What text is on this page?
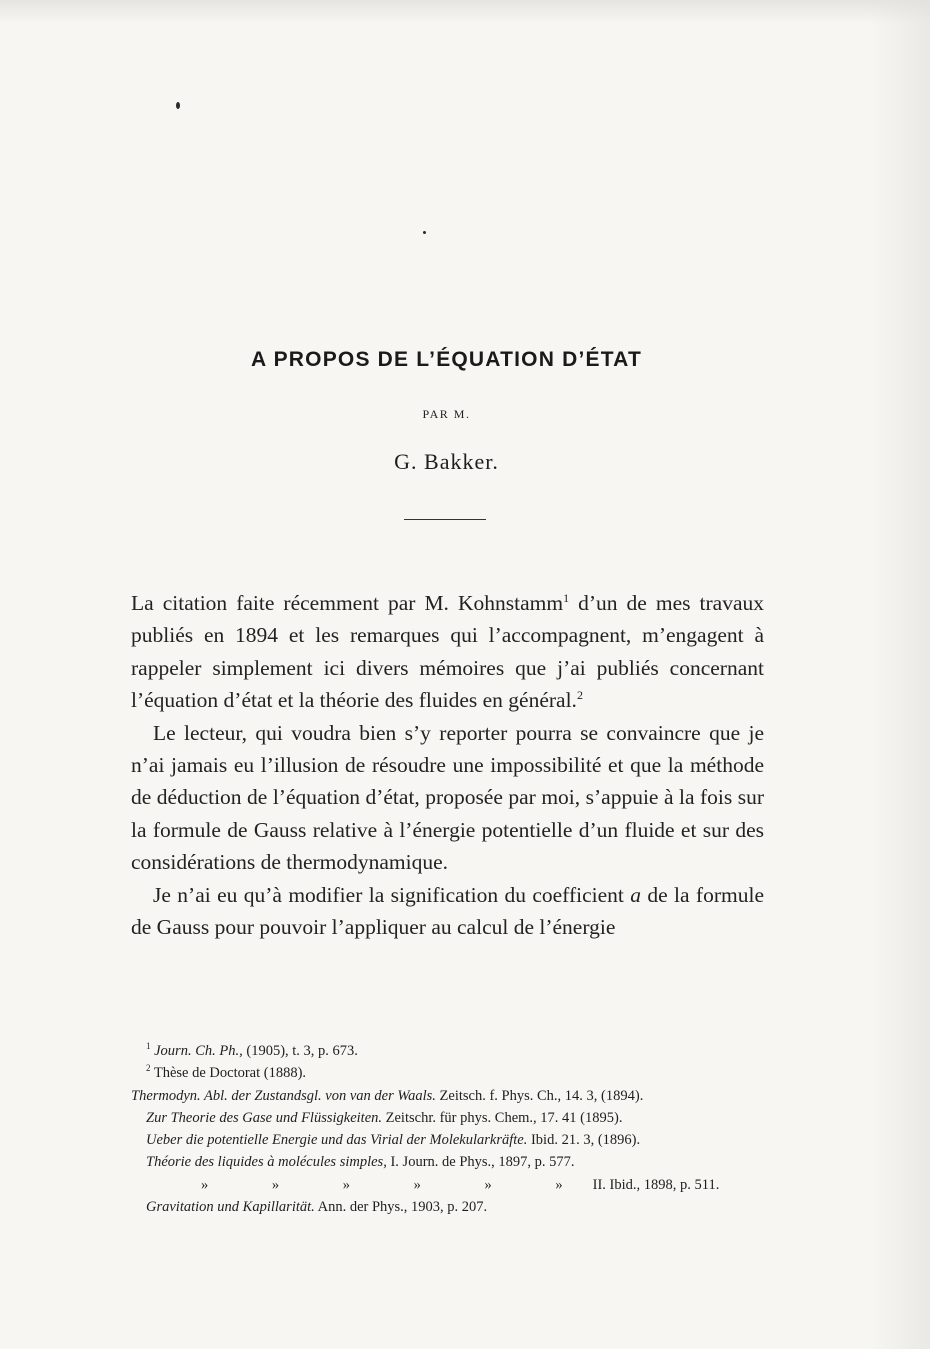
A PROPOS DE L’ÉQUATION D’ÉTAT
PAR M.
G. Bakker.

La citation faite récemment par M. Kohnstamm$^1$ d’un de mes travaux publiés en 1894 et les remarques qui l’accompagnent, m’engagent à rappeler simplement ici divers mémoires que j’ai publiés concernant l’équation d’état et la théorie des fluides en général.$^2$

Le lecteur, qui voudra bien s’y reporter pourra se convaincre que je n’ai jamais eu l’illusion de résoudre une impossibilité et que la méthode de déduction de l’équation d’état, proposée par moi, s’appuie à la fois sur la formule de Gauss relative à l’énergie potentielle d’un fluide et sur des considérations de thermodynamique.

Je n’ai eu qu’à modifier la signification du coefficient a de la formule de Gauss pour pouvoir l’appliquer au calcul de l’énergie

$^1$ Journ. Ch. Ph., (1905), t. 3, p. 673.

$^2$ Thèse de Doctorat (1888).

Thermodyn. Abl. der Zustandsgl. von van der Waals. Zeitsch. f. Phys. Ch., 14. 3, (1894).

Zur Theorie des Gase und Flüssigkeiten. Zeitschr. für phys. Chem., 17. 41 (1895).

Ueber die potentielle Energie und das Virial der Molekularkräfte. Ibid. 21. 3, (1896).

Théorie des liquides à molécules simples, I. Journ. de Phys., 1897, p. 577.

» » » » » »II. Ibid., 1898, p. 511.

Gravitation und Kapillarität. Ann. der Phys., 1903, p. 207.
